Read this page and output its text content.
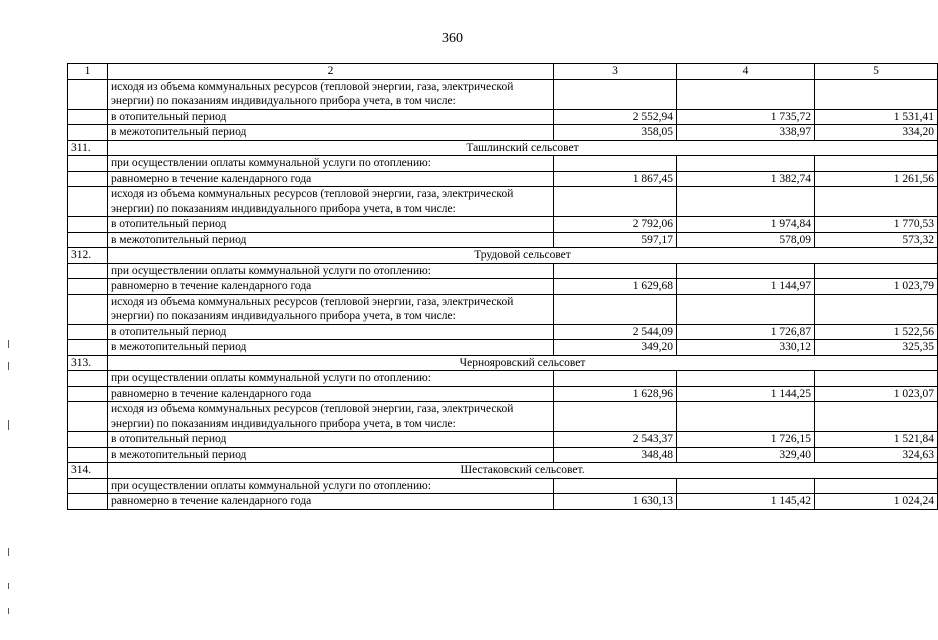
360
1	2	3	4	5
	исходя из объема коммунальных ресурсов (тепловой энергии, газа, электрической энергии) по показаниям индивидуального прибора учета, в том числе:			
	в отопительный период	2 552,94	1 735,72	1 531,41
	в межотопительный период	358,05	338,97	334,20
311.	Ташлинский сельсовет			
	при осуществлении оплаты коммунальной услуги по отоплению:			
	равномерно в течение календарного года	1 867,45	1 382,74	1 261,56
	исходя из объема коммунальных ресурсов (тепловой энергии, газа, электрической энергии) по показаниям индивидуального прибора учета, в том числе:			
	в отопительный период	2 792,06	1 974,84	1 770,53
	в межотопительный период	597,17	578,09	573,32
312.	Трудовой сельсовет			
	при осуществлении оплаты коммунальной услуги по отоплению:			
	равномерно в течение календарного года	1 629,68	1 144,97	1 023,79
	исходя из объема коммунальных ресурсов (тепловой энергии, газа, электрической энергии) по показаниям индивидуального прибора учета, в том числе:			
	в отопительный период	2 544,09	1 726,87	1 522,56
	в межотопительный период	349,20	330,12	325,35
313.	Чернояровский сельсовет			
	при осуществлении оплаты коммунальной услуги по отоплению:			
	равномерно в течение календарного года	1 628,96	1 144,25	1 023,07
	исходя из объема коммунальных ресурсов (тепловой энергии, газа, электрической энергии) по показаниям индивидуального прибора учета, в том числе:			
	в отопительный период	2 543,37	1 726,15	1 521,84
	в межотопительный период	348,48	329,40	324,63
314.	Шестаковский сельсовет.			
	при осуществлении оплаты коммунальной услуги по отоплению:			
	равномерно в течение календарного года	1 630,13	1 145,42	1 024,24
